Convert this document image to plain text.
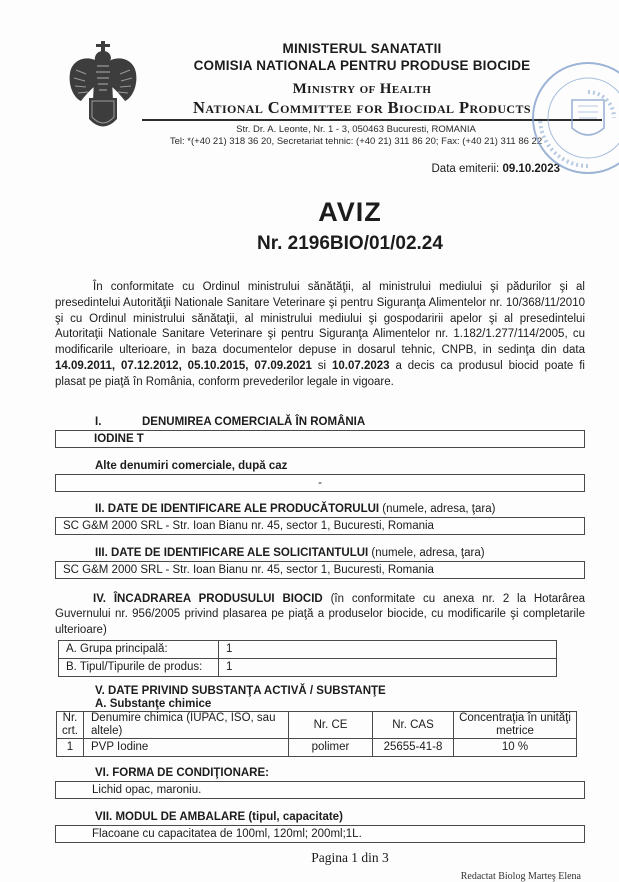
MINISTERUL SANATATII
COMISIA NATIONALA PENTRU PRODUSE BIOCIDE
Ministry of Health
National Committee for Biocidal Products
Str. Dr. A. Leonte, Nr. 1 - 3, 050463 Bucuresti, ROMANIA
Tel: *(+40 21) 318 36 20, Secretariat tehnic: (+40 21) 311 86 20; Fax: (+40 21) 311 86 22
Data emiterii: 09.10.2023
AVIZ
Nr. 2196BIO/01/02.24

În conformitate cu Ordinul ministrului sănătăţii, al ministrului mediului şi pădurilor şi al presedintelui Autorităţii Nationale Sanitare Veterinare şi pentru Siguranţa Alimentelor nr. 10/368/11/2010 şi cu Ordinul ministrului sănătaţii, al ministrului mediului şi gospodaririi apelor şi al presedintelui Autoritaţii Nationale Sanitare Veterinare şi pentru Siguranţa Alimentelor nr. 1.182/1.277/114/2005, cu modificarile ulterioare, in baza documentelor depuse in dosarul tehnic, CNPB, in sedinţa din data 14.09.2011, 07.12.2012, 05.10.2015, 07.09.2021 si 10.07.2023 a decis ca produsul biocid poate fi plasat pe piaţă în România, conform prevederilor legale in vigoare.

I.	DENUMIREA COMERCIALĂ ÎN ROMÂNIA
IODINE T
Alte denumiri comerciale, după caz
-
II. DATE DE IDENTIFICARE ALE PRODUCĂTORULUI (numele, adresa, ţara)
SC G&M 2000 SRL - Str. Ioan Bianu nr. 45, sector 1, Bucuresti, Romania
III. DATE DE IDENTIFICARE ALE SOLICITANTULUI (numele, adresa, ţara)
SC G&M 2000 SRL - Str. Ioan Bianu nr. 45, sector 1, Bucuresti, Romania

IV. ÎNCADRAREA PRODUSULUI BIOCID (în conformitate cu anexa nr. 2 la Hotarârea Guvernului nr. 956/2005 privind plasarea pe piaţă a produselor biocide, cu modificarile şi completarile ulterioare)

A. Grupa principală:	1
B. Tipul/Tipurile de produs:	1
V. DATE PRIVIND SUBSTANŢA ACTIVĂ / SUBSTANŢE
A. Substanţe chimice
Nr. crt.	Denumire chimica (IUPAC, ISO, sau altele)	Nr. CE	Nr. CAS	Concentraţia în unităţi metrice
1	PVP Iodine	polimer	25655-41-8	10 %
VI. FORMA DE CONDIŢIONARE:
Lichid opac, maroniu.
VII. MODUL DE AMBALARE (tipul, capacitate)
Flacoane cu capacitatea de 100ml, 120ml; 200ml;1L.
Pagina 1 din 3
Redactat Biolog Marteş Elena
